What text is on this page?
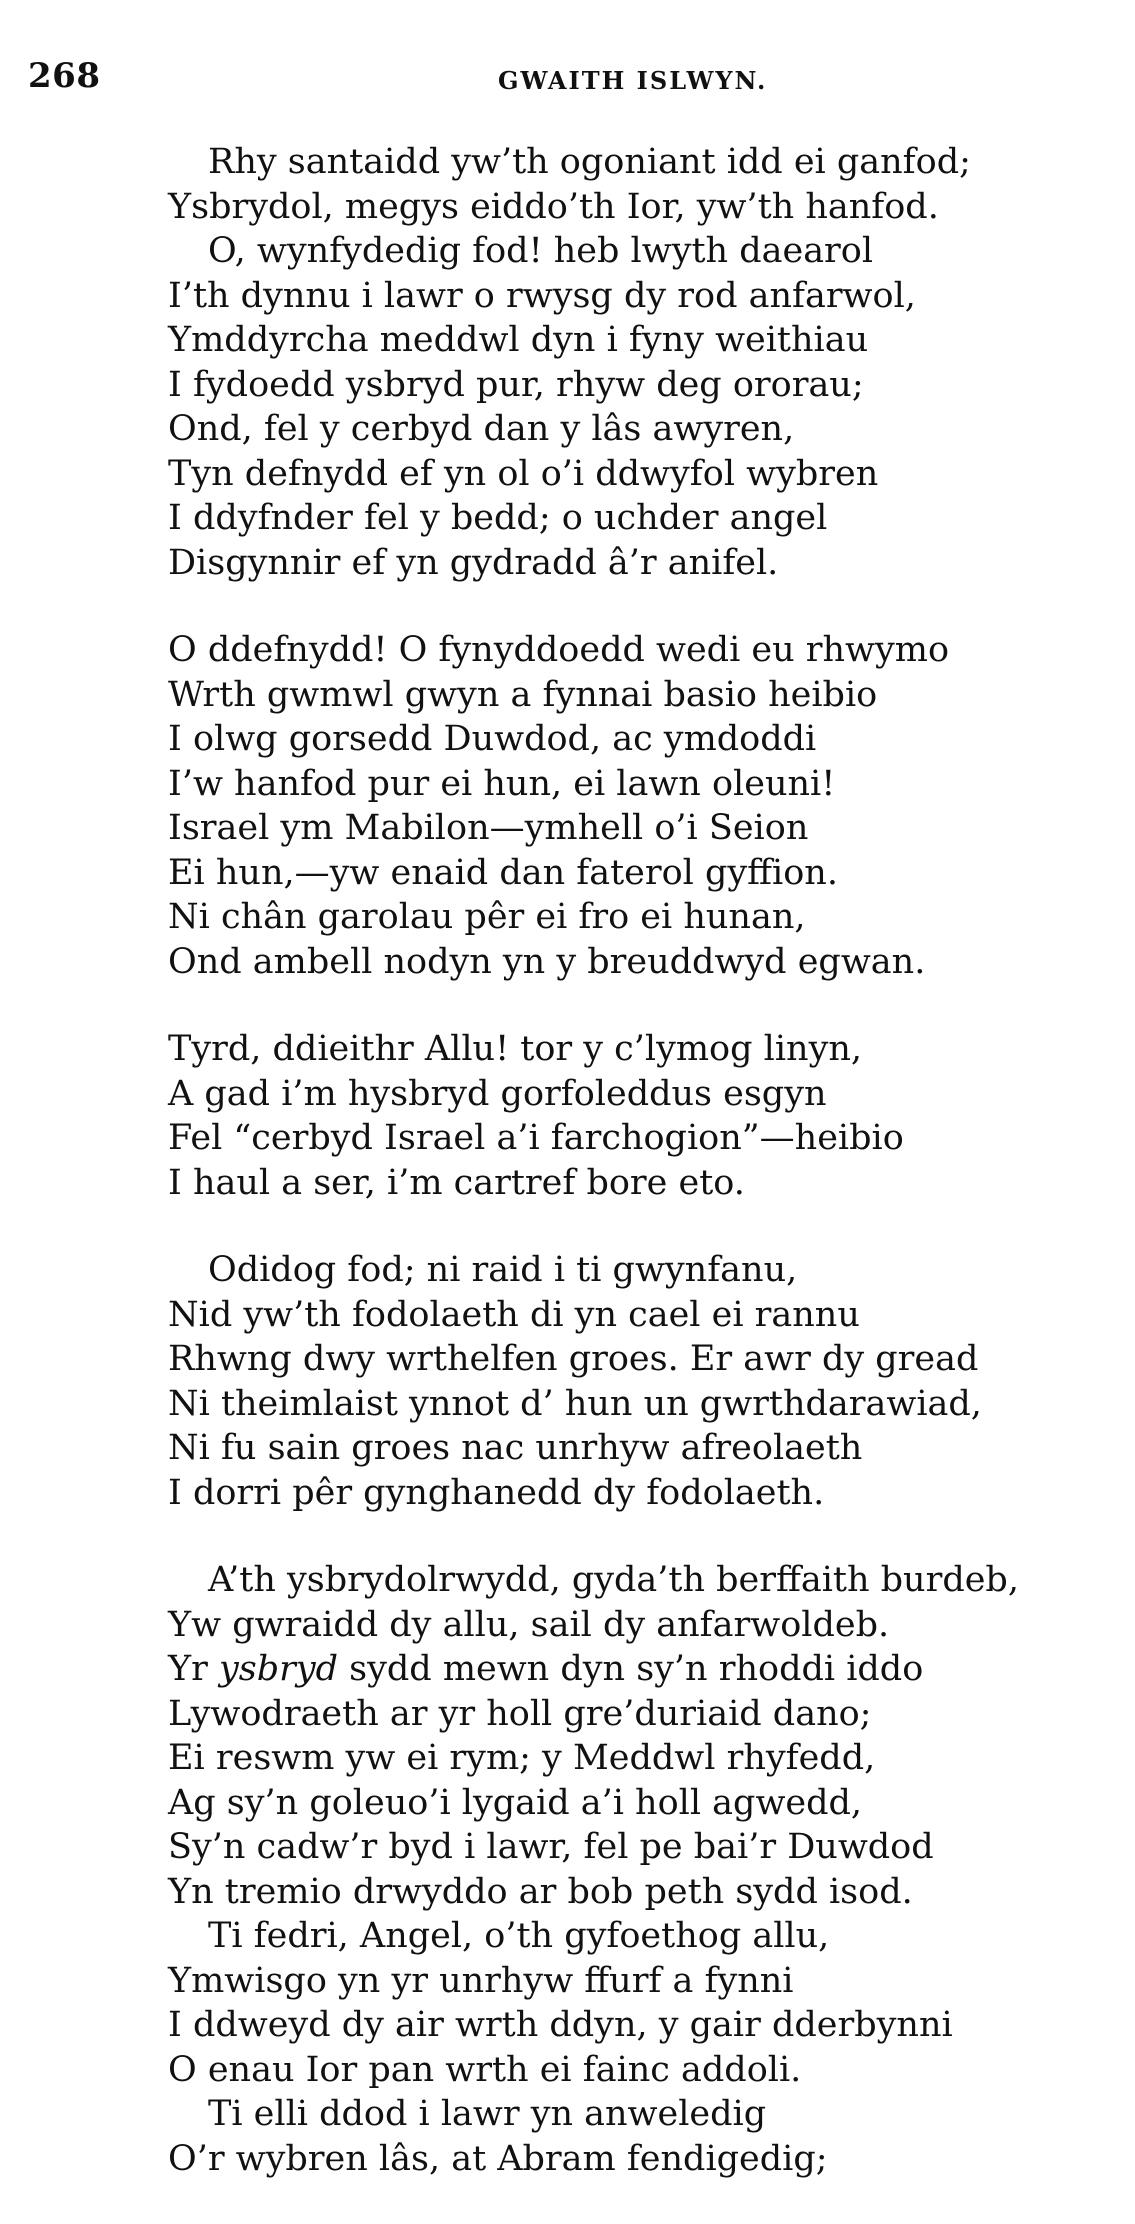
268	GWAITH ISLWYN.
Rhy santaidd yw’th ogoniant idd ei ganfod;
Ysbrydol, megys eiddo’th Ior, yw’th hanfod.
O, wynfydedig fod! heb lwyth daearol
I’th dynnu i lawr o rwysg dy rod anfarwol,
Ymddyrcha meddwl dyn i fyny weithiau
I fydoedd ysbryd pur, rhyw deg ororau;
Ond, fel y cerbyd dan y lâs awyren,
Tyn defnydd ef yn ol o’i ddwyfol wybren
I ddyfnder fel y bedd; o uchder angel
Disgynnir ef yn gydradd â’r anifel.
O ddefnydd! O fynyddoedd wedi eu rhwymo
Wrth gwmwl gwyn a fynnai basio heibio
I olwg gorsedd Duwdod, ac ymdoddi
I’w hanfod pur ei hun, ei lawn oleuni!
Israel ym Mabilon—ymhell o’i Seion
Ei hun,—yw enaid dan faterol gyffion.
Ni chân garolau pêr ei fro ei hunan,
Ond ambell nodyn yn y breuddwyd egwan.
Tyrd, ddieithr Allu! tor y c’lymog linyn,
A gad i’m hysbryd gorfoleddus esgyn
Fel “cerbyd Israel a’i farchogion”—heibio
I haul a ser, i’m cartref bore eto.
Odidog fod; ni raid i ti gwynfanu,
Nid yw’th fodolaeth di yn cael ei rannu
Rhwng dwy wrthelfen groes. Er awr dy gread
Ni theimlaist ynnot d’ hun un gwrthdarawiad,
Ni fu sain groes nac unrhyw afreolaeth
I dorri pêr gynghanedd dy fodolaeth.
A’th ysbrydolrwydd, gyda’th berffaith burdeb,
Yw gwraidd dy allu, sail dy anfarwoldeb.
Yr ysbryd sydd mewn dyn sy’n rhoddi iddo
Lywodraeth ar yr holl gre’duriaid dano;
Ei reswm yw ei rym; y Meddwl rhyfedd,
Ag sy’n goleuo’i lygaid a’i holl agwedd,
Sy’n cadw’r byd i lawr, fel pe bai’r Duwdod
Yn tremio drwyddo ar bob peth sydd isod.
Ti fedri, Angel, o’th gyfoethog allu,
Ymwisgo yn yr unrhyw ffurf a fynni
I ddweyd dy air wrth ddyn, y gair dderbynni
O enau Ior pan wrth ei fainc addoli.
Ti elli ddod i lawr yn anweledig
O’r wybren lâs, at Abram fendigedig;
